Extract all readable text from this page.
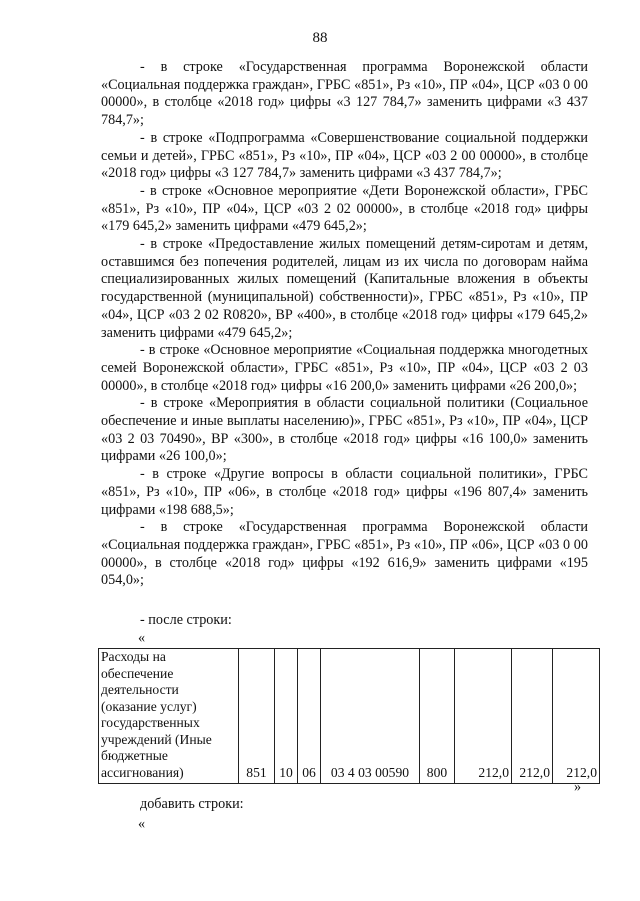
88

- в строке «Государственная программа Воронежской области «Социальная поддержка граждан», ГРБС «851», Рз «10», ПР «04», ЦСР «03 0 00 00000», в столбце «2018 год» цифры «3 127 784,7» заменить цифрами «3 437 784,7»;

- в строке «Подпрограмма «Совершенствование социальной поддержки семьи и детей», ГРБС «851», Рз «10», ПР «04», ЦСР «03 2 00 00000», в столбце «2018 год» цифры «3 127 784,7» заменить цифрами «3 437 784,7»;

- в строке «Основное мероприятие «Дети Воронежской области», ГРБС «851», Рз «10», ПР «04», ЦСР «03 2 02 00000», в столбце «2018 год» цифры «179 645,2» заменить цифрами «479 645,2»;

- в строке «Предоставление жилых помещений детям-сиротам и детям, оставшимся без попечения родителей, лицам из их числа по договорам найма специализированных жилых помещений (Капитальные вложения в объекты государственной (муниципальной) собственности)», ГРБС «851», Рз «10», ПР «04», ЦСР «03 2 02 R0820», ВР «400», в столбце «2018 год» цифры «179 645,2» заменить цифрами «479 645,2»;

- в строке «Основное мероприятие «Социальная поддержка многодетных семей Воронежской области», ГРБС «851», Рз «10», ПР «04», ЦСР «03 2 03 00000», в столбце «2018 год» цифры «16 200,0» заменить цифрами «26 200,0»;

- в строке «Мероприятия в области социальной политики (Социальное обеспечение и иные выплаты населению)», ГРБС «851», Рз «10», ПР «04», ЦСР «03 2 03 70490», ВР «300», в столбце «2018 год» цифры «16 100,0» заменить цифрами «26 100,0»;

- в строке «Другие вопросы в области социальной политики», ГРБС «851», Рз «10», ПР «06», в столбце «2018 год» цифры «196 807,4» заменить цифрами «198 688,5»;

- в строке «Государственная программа Воронежской области «Социальная поддержка граждан», ГРБС «851», Рз «10», ПР «06», ЦСР «03 0 00 00000», в столбце «2018 год» цифры «192 616,9» заменить цифрами «195 054,0»;

- после строки:
«
Расходы на обеспечение деятельности (оказание услуг) государственных учреждений (Иные бюджетные ассигнования)	851	10	06	03 4 03 00590	800	212,0	212,0	212,0
»
добавить строки:
«
